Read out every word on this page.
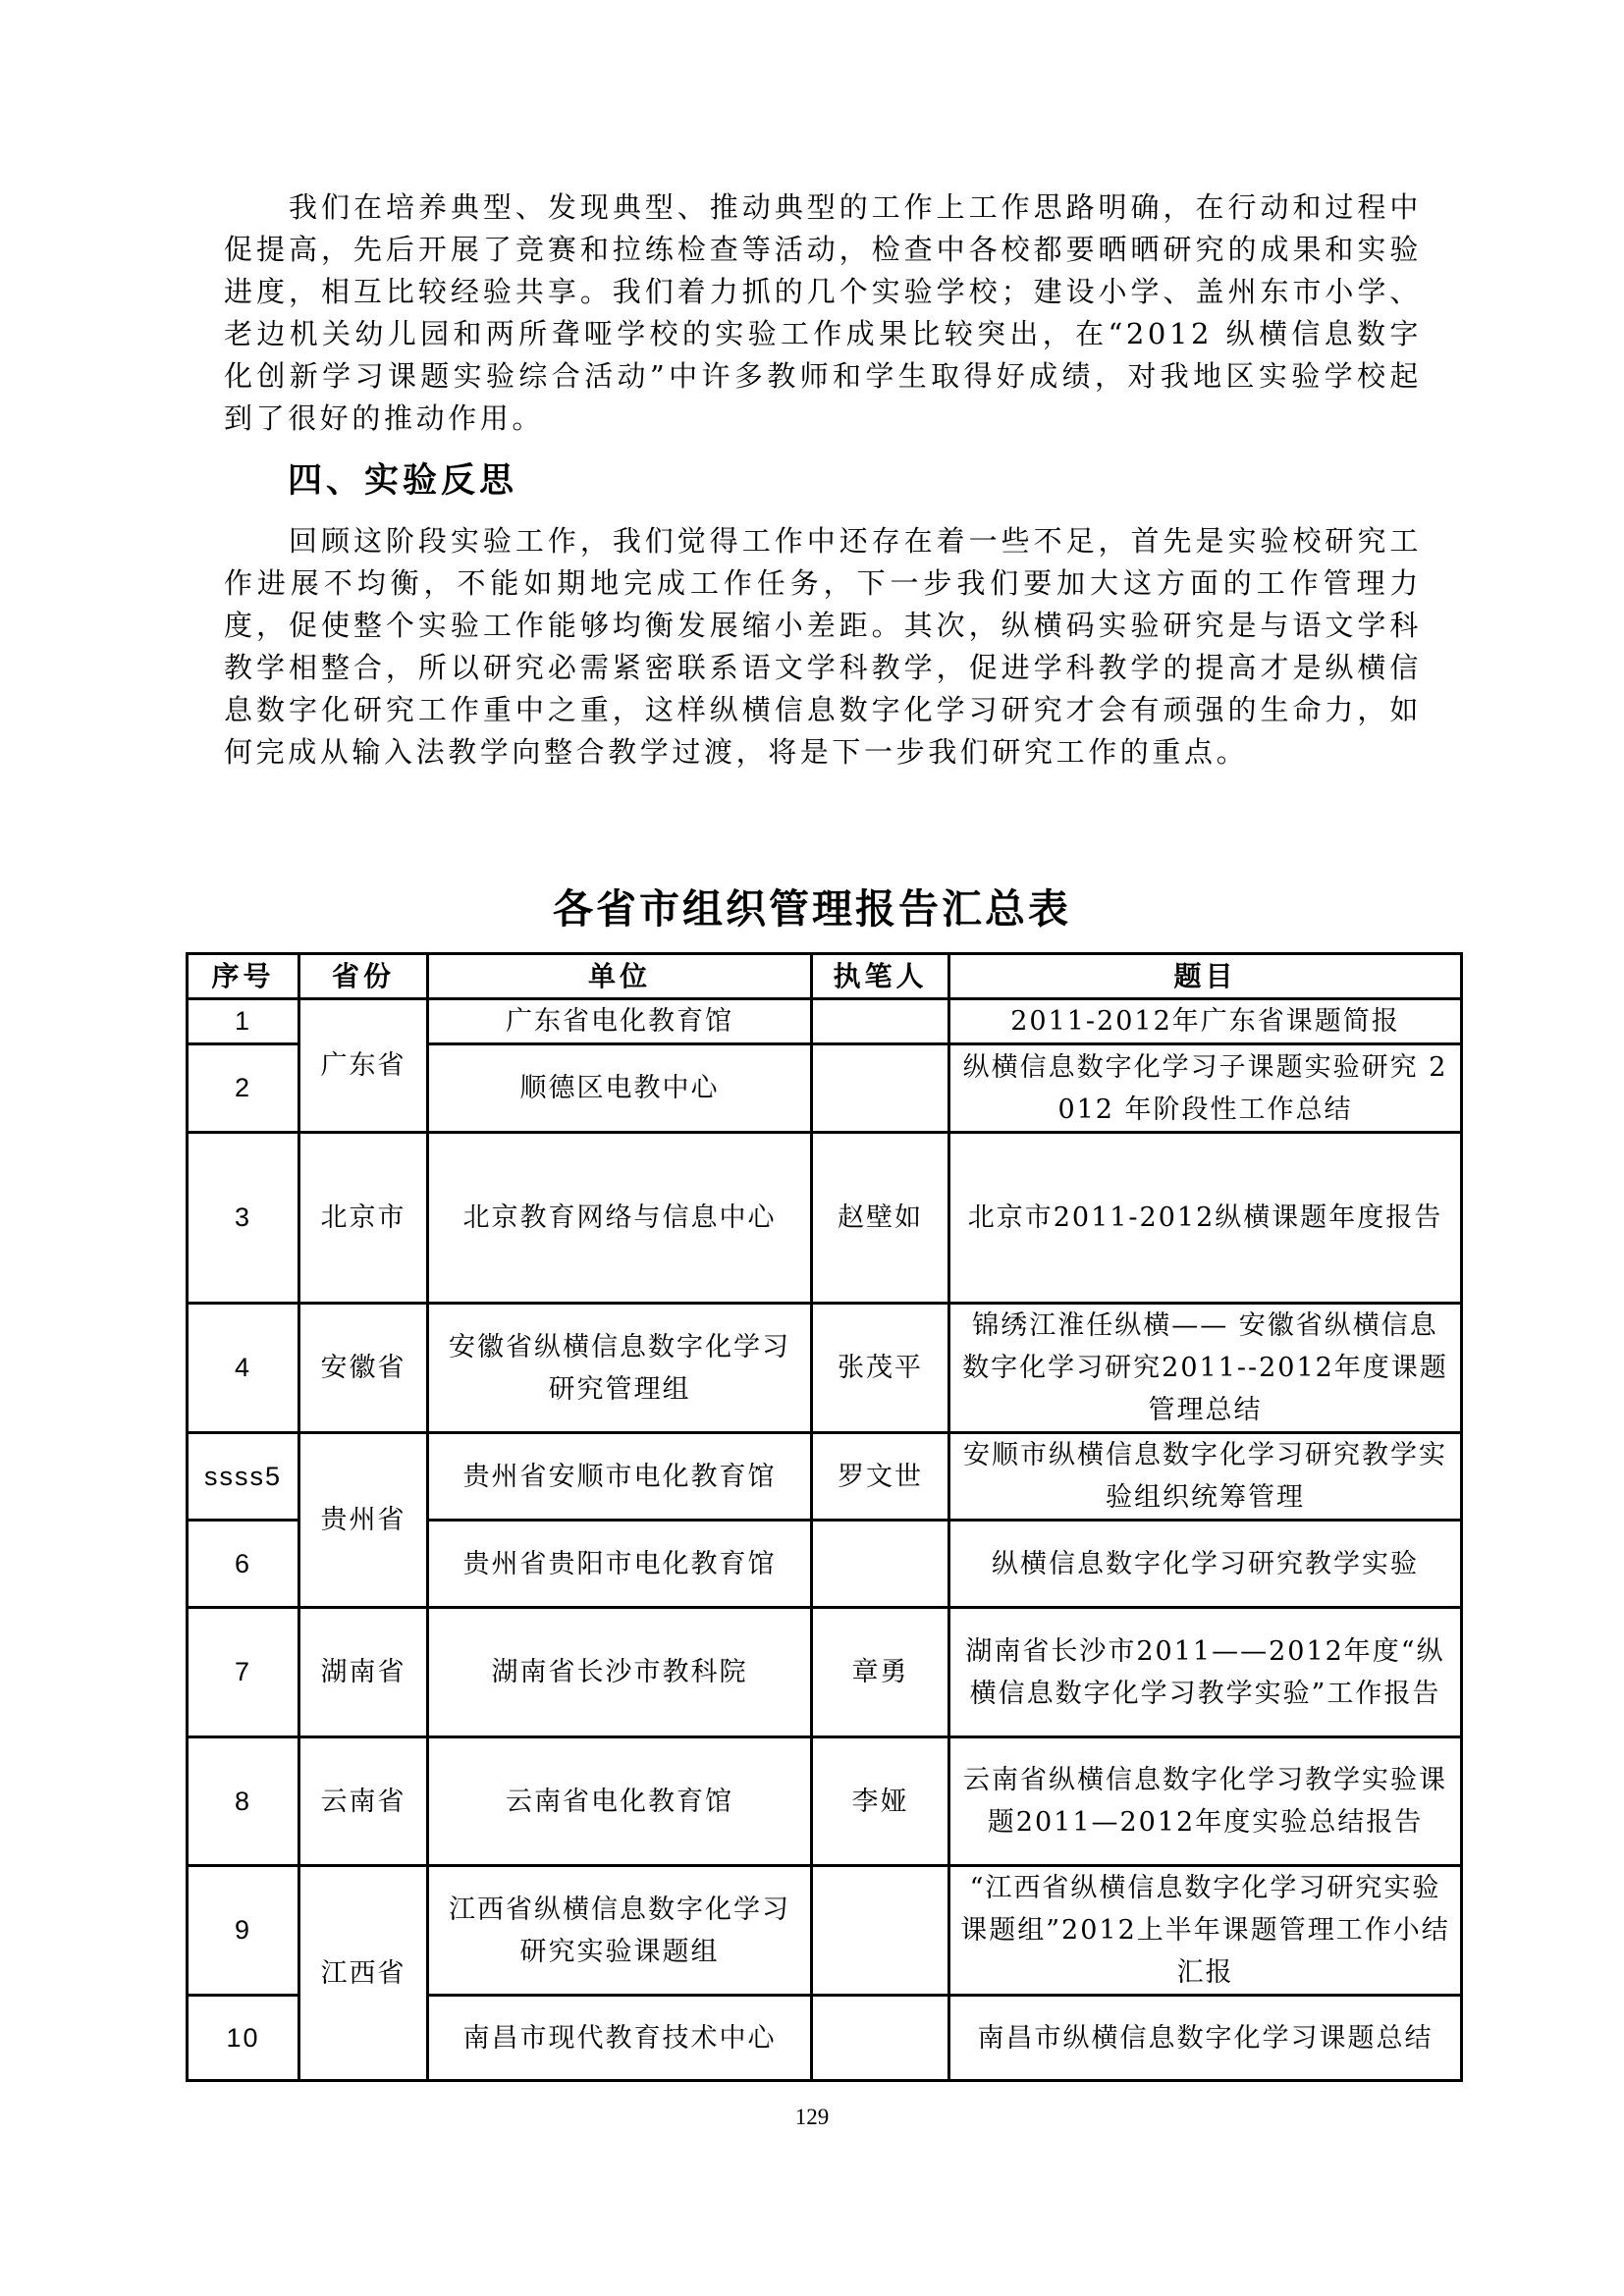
我们在培养典型、发现典型、推动典型的工作上工作思路明确，在行动和过程中促提高，先后开展了竞赛和拉练检查等活动，检查中各校都要晒晒研究的成果和实验进度，相互比较经验共享。我们着力抓的几个实验学校；建设小学、盖州东市小学、老边机关幼儿园和两所聋哑学校的实验工作成果比较突出，在“2012 纵横信息数字化创新学习课题实验综合活动”中许多教师和学生取得好成绩，对我地区实验学校起到了很好的推动作用。

四、实验反思

回顾这阶段实验工作，我们觉得工作中还存在着一些不足，首先是实验校研究工作进展不均衡，不能如期地完成工作任务，下一步我们要加大这方面的工作管理力度，促使整个实验工作能够均衡发展缩小差距。其次，纵横码实验研究是与语文学科教学相整合，所以研究必需紧密联系语文学科教学，促进学科教学的提高才是纵横信息数字化研究工作重中之重，这样纵横信息数字化学习研究才会有顽强的生命力，如何完成从输入法教学向整合教学过渡，将是下一步我们研究工作的重点。

各省市组织管理报告汇总表
序号	省份	单位	执笔人	题目
1	广东省	广东省电化教育馆		2011-2012年广东省课题简报
2		顺德区电教中心		纵横信息数字化学习子课题实验研究 2012 年阶段性工作总结
3	北京市	北京教育网络与信息中心	赵壁如	北京市2011-2012纵横课题年度报告
4	安徽省	安徽省纵横信息数字化学习研究管理组	张茂平	锦绣江淮任纵横—— 安徽省纵横信息数字化学习研究2011--2012年度课题管理总结
ssss5	贵州省	贵州省安顺市电化教育馆	罗文世	安顺市纵横信息数字化学习研究教学实验组织统筹管理
6		贵州省贵阳市电化教育馆		纵横信息数字化学习研究教学实验
7	湖南省	湖南省长沙市教科院	章勇	湖南省长沙市2011——2012年度“纵横信息数字化学习教学实验”工作报告
8	云南省	云南省电化教育馆	李娅	云南省纵横信息数字化学习教学实验课题2011—2012年度实验总结报告
9	江西省	江西省纵横信息数字化学习研究实验课题组		“江西省纵横信息数字化学习研究实验课题组”2012上半年课题管理工作小结汇报
10		南昌市现代教育技术中心		南昌市纵横信息数字化学习课题总结

129
